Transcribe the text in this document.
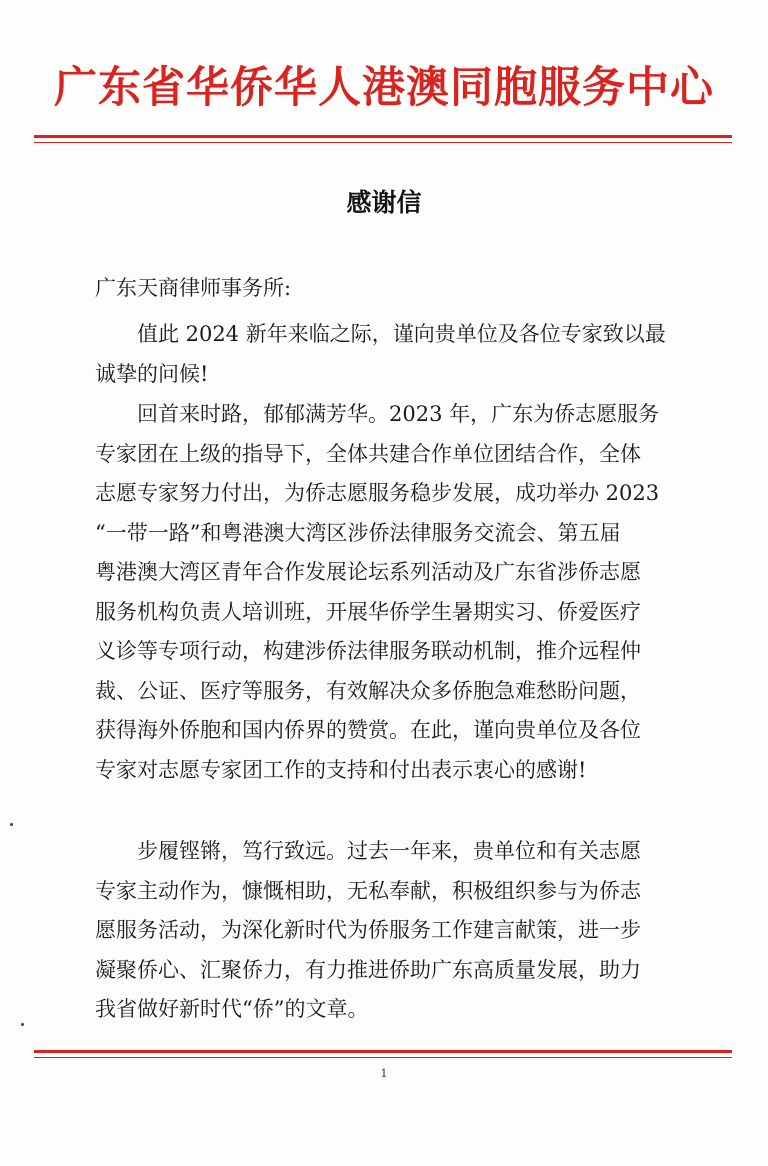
广东省华侨华人港澳同胞服务中心
感谢信
广东天商律师事务所:
值此 2024 新年来临之际，谨向贵单位及各位专家致以最
诚挚的问候!
回首来时路，郁郁满芳华。2023 年，广东为侨志愿服务
专家团在上级的指导下，全体共建合作单位团结合作，全体
志愿专家努力付出，为侨志愿服务稳步发展，成功举办 2023
“一带一路”和粤港澳大湾区涉侨法律服务交流会、第五届
粤港澳大湾区青年合作发展论坛系列活动及广东省涉侨志愿
服务机构负责人培训班，开展华侨学生暑期实习、侨爱医疗
义诊等专项行动，构建涉侨法律服务联动机制，推介远程仲
裁、公证、医疗等服务，有效解决众多侨胞急难愁盼问题，
获得海外侨胞和国内侨界的赞赏。在此，谨向贵单位及各位
专家对志愿专家团工作的支持和付出表示衷心的感谢!
步履铿锵，笃行致远。过去一年来，贵单位和有关志愿
专家主动作为，慷慨相助，无私奉献，积极组织参与为侨志
愿服务活动，为深化新时代为侨服务工作建言献策，进一步
凝聚侨心、汇聚侨力，有力推进侨助广东高质量发展，助力
我省做好新时代“侨”的文章。
1
